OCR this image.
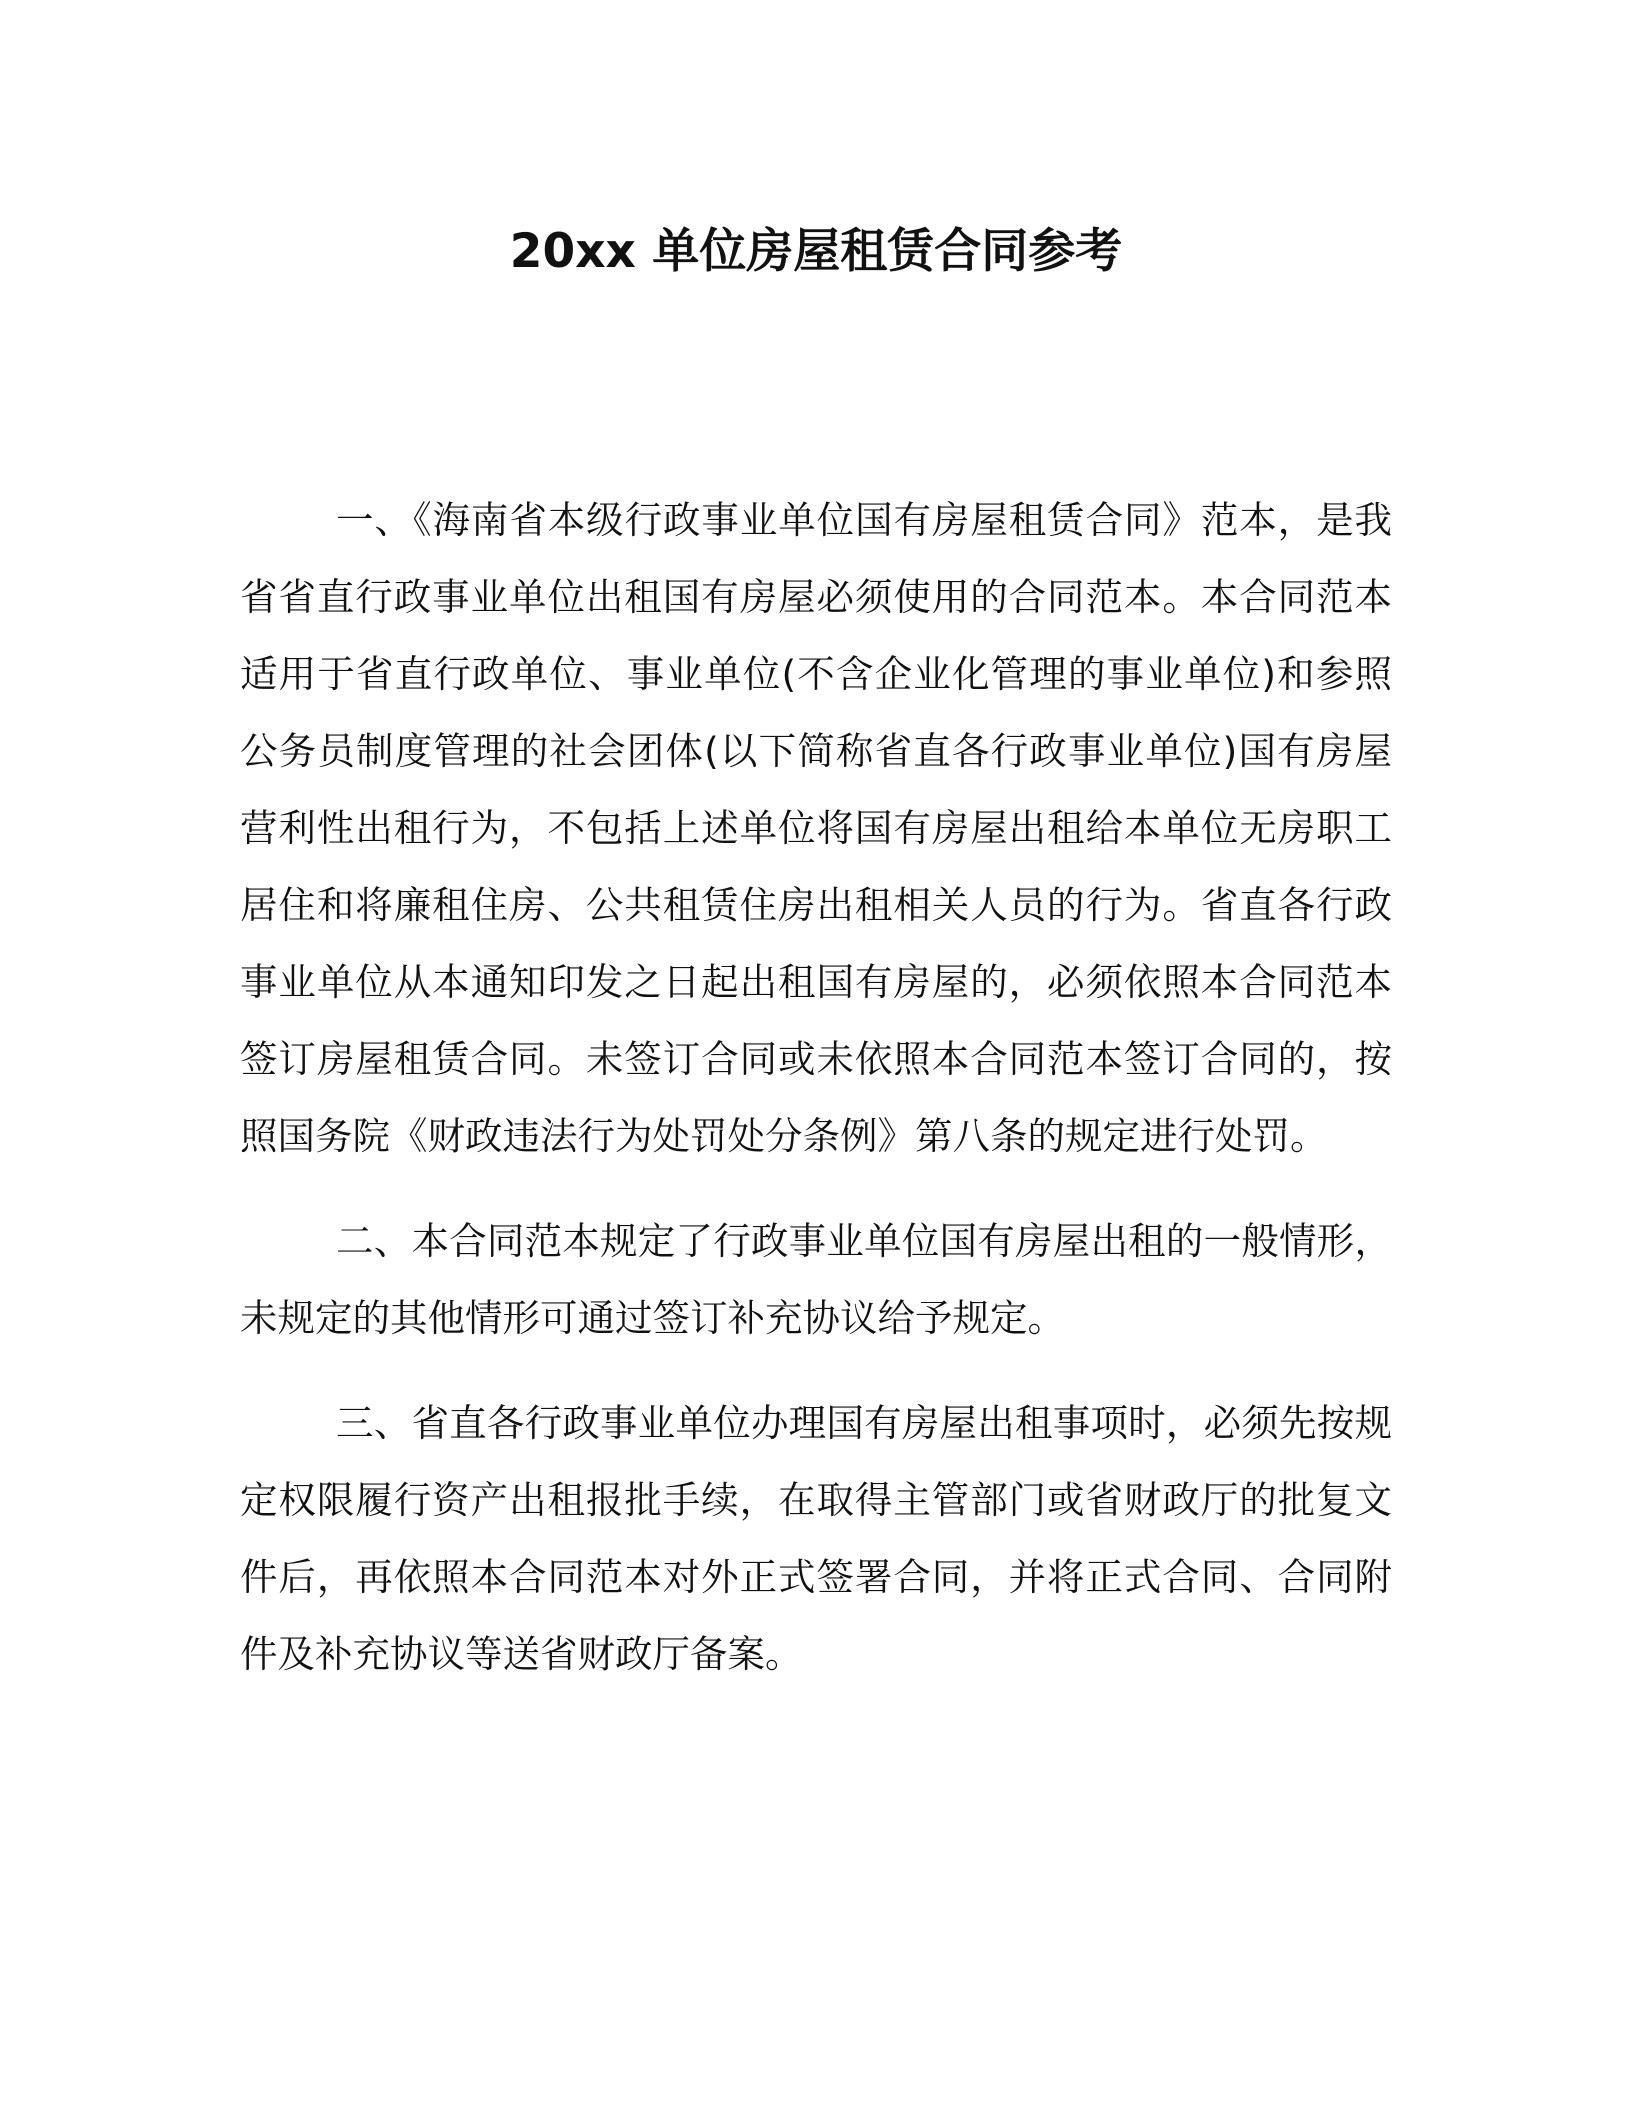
20xx 单位房屋租赁合同参考

一、《海南省本级行政事业单位国有房屋租赁合同》范本，是我省省直行政事业单位出租国有房屋必须使用的合同范本。本合同范本适用于省直行政单位、事业单位(不含企业化管理的事业单位)和参照公务员制度管理的社会团体(以下简称省直各行政事业单位)国有房屋营利性出租行为，不包括上述单位将国有房屋出租给本单位无房职工居住和将廉租住房、公共租赁住房出租相关人员的行为。省直各行政事业单位从本通知印发之日起出租国有房屋的，必须依照本合同范本签订房屋租赁合同。未签订合同或未依照本合同范本签订合同的，按照国务院《财政违法行为处罚处分条例》第八条的规定进行处罚。

二、本合同范本规定了行政事业单位国有房屋出租的一般情形，未规定的其他情形可通过签订补充协议给予规定。

三、省直各行政事业单位办理国有房屋出租事项时，必须先按规定权限履行资产出租报批手续，在取得主管部门或省财政厅的批复文件后，再依照本合同范本对外正式签署合同，并将正式合同、合同附件及补充协议等送省财政厅备案。
